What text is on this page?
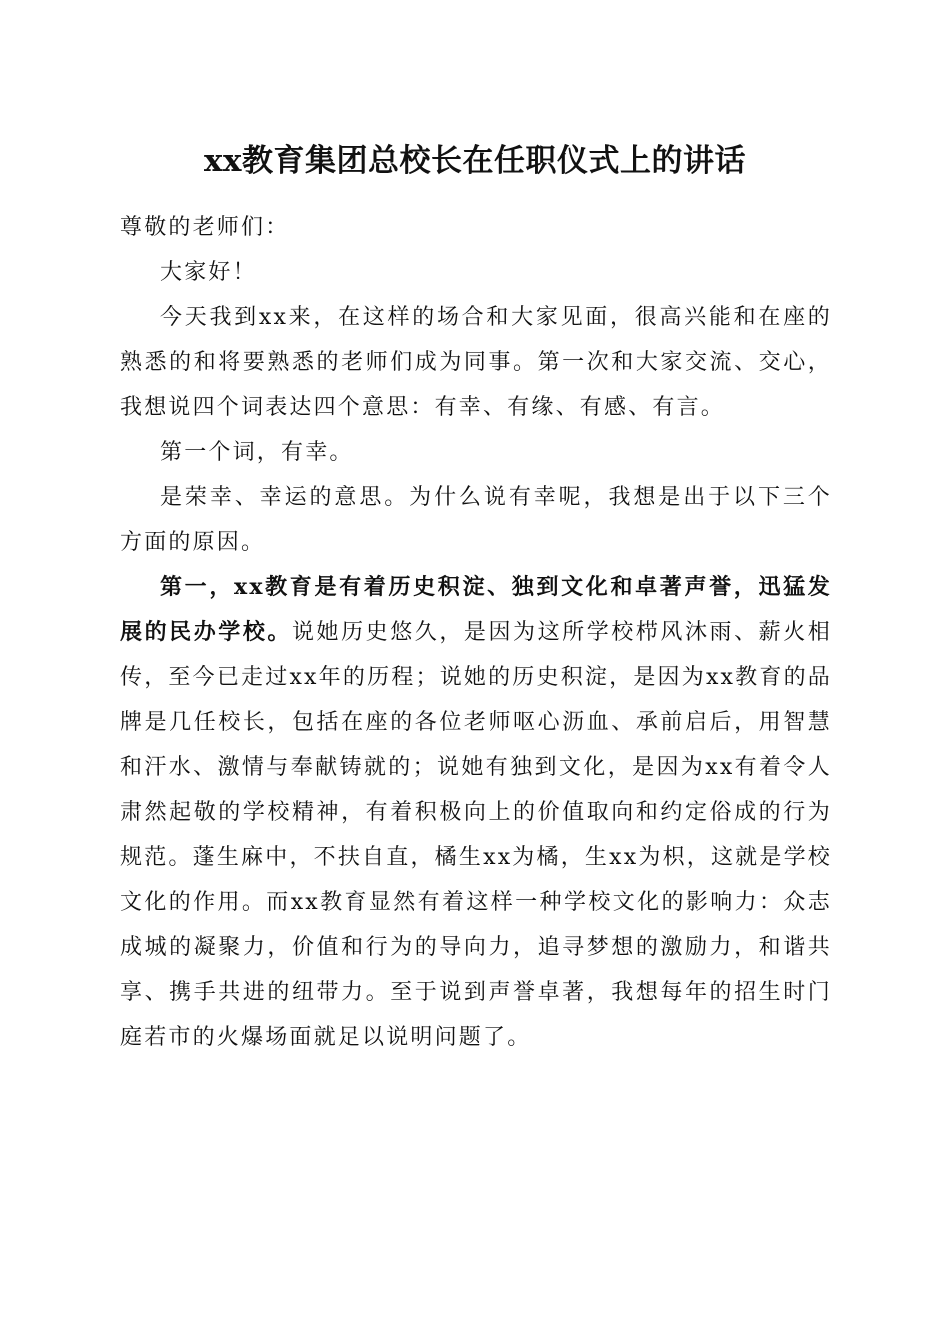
xx教育集团总校长在任职仪式上的讲话

尊敬的老师们：

大家好！

今天我到xx来，在这样的场合和大家见面，很高兴能和在座的熟悉的和将要熟悉的老师们成为同事。第一次和大家交流、交心，我想说四个词表达四个意思：有幸、有缘、有感、有言。

第一个词，有幸。

是荣幸、幸运的意思。为什么说有幸呢，我想是出于以下三个方面的原因。

第一，xx教育是有着历史积淀、独到文化和卓著声誉，迅猛发展的民办学校。说她历史悠久，是因为这所学校栉风沐雨、薪火相传，至今已走过xx年的历程；说她的历史积淀，是因为xx教育的品牌是几任校长，包括在座的各位老师呕心沥血、承前启后，用智慧和汗水、激情与奉献铸就的；说她有独到文化，是因为xx有着令人肃然起敬的学校精神，有着积极向上的价值取向和约定俗成的行为规范。蓬生麻中，不扶自直，橘生xx为橘，生xx为枳，这就是学校文化的作用。而xx教育显然有着这样一种学校文化的影响力：众志成城的凝聚力，价值和行为的导向力，追寻梦想的激励力，和谐共享、携手共进的纽带力。至于说到声誉卓著，我想每年的招生时门庭若市的火爆场面就足以说明问题了。
